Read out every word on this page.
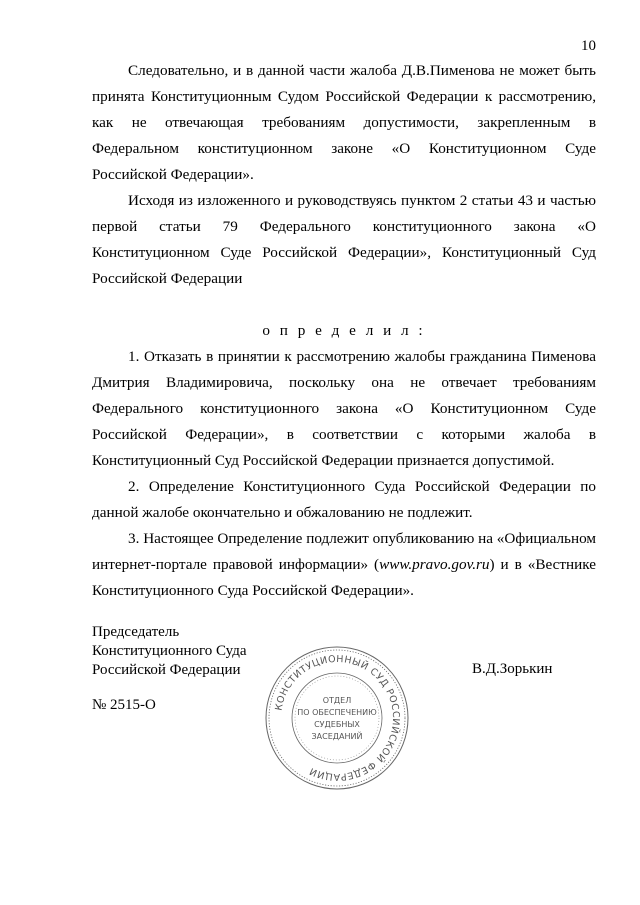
10

Следовательно, и в данной части жалоба Д.В.Пименова не может быть принята Конституционным Судом Российской Федерации к рассмотрению, как не отвечающая требованиям допустимости, закрепленным в Федеральном конституционном законе «О Конституционном Суде Российской Федерации».

Исходя из изложенного и руководствуясь пунктом 2 статьи 43 и частью первой статьи 79 Федерального конституционного закона «О Конституционном Суде Российской Федерации», Конституционный Суд Российской Федерации

о п р е д е л и л :

1. Отказать в принятии к рассмотрению жалобы гражданина Пименова Дмитрия Владимировича, поскольку она не отвечает требованиям Федерального конституционного закона «О Конституционном Суде Российской Федерации», в соответствии с которыми жалоба в Конституционный Суд Российской Федерации признается допустимой.

2. Определение Конституционного Суда Российской Федерации по данной жалобе окончательно и обжалованию не подлежит.

3. Настоящее Определение подлежит опубликованию на «Официальном интернет-портале правовой информации» (www.pravo.gov.ru) и в «Вестнике Конституционного Суда Российской Федерации».

Председатель
Конституционного Суда
Российской Федерации	В.Д.Зорькин
№ 2515-О	КОНСТИТУЦИОННЫЙ СУД РОССИЙСКОЙ ФЕДЕРАЦИИ
ОТДЕЛ
ПО ОБЕСПЕЧЕНИЮ
СУДЕБНЫХ
ЗАСЕДАНИЙ
